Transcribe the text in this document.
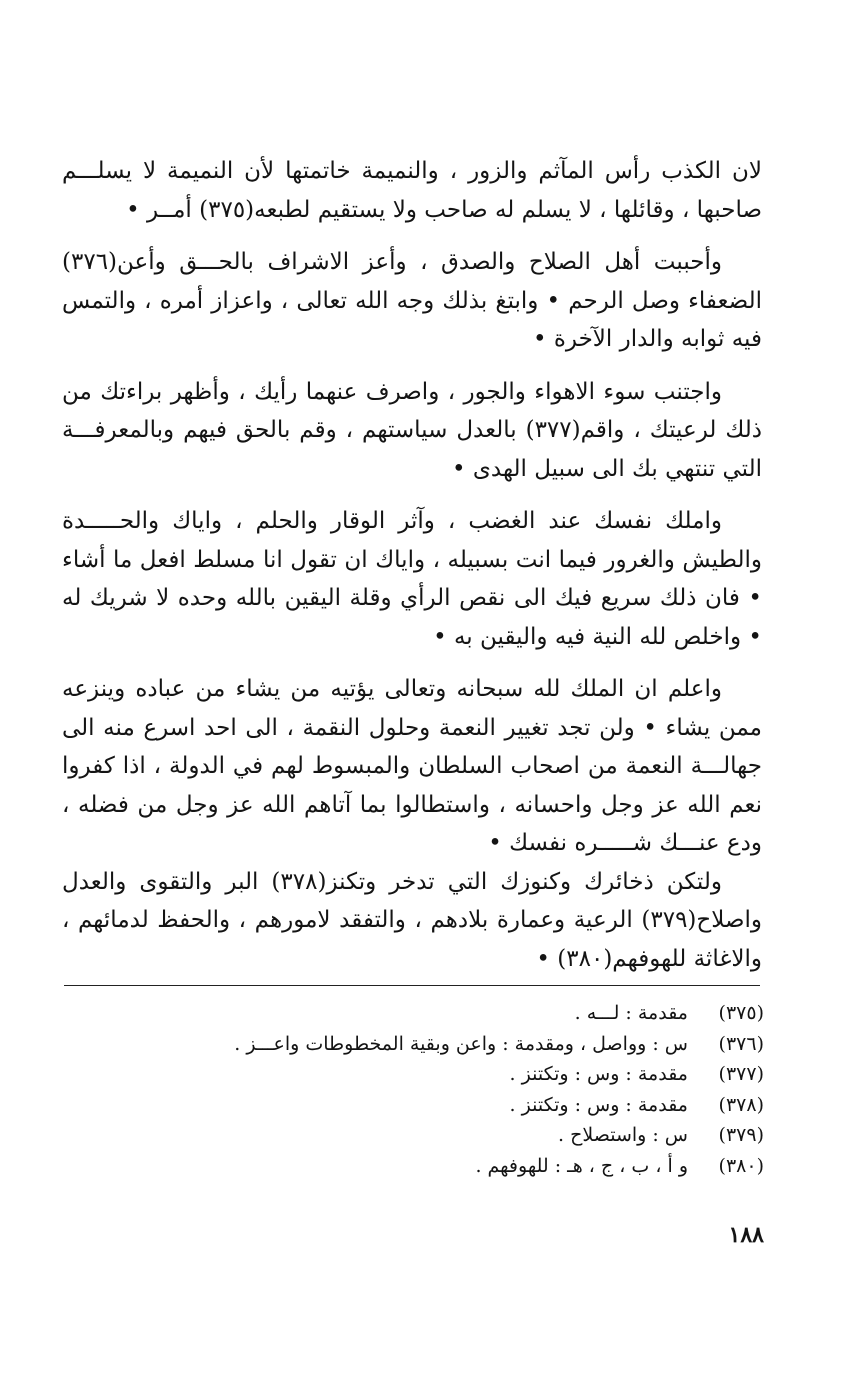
لان الكذب رأس المآثم والزور ، والنميمة خاتمتها لأن النميمة لا يسلـــم صاحبها ، وقائلها ، لا يسلم له صاحب ولا يستقيم لطبعه(٣٧٥) أمــر •

وأحببت أهل الصلاح والصدق ، وأعز الاشراف بالحـــق وأعن(٣٧٦) الضعفاء وصل الرحم • وابتغ بذلك وجه الله تعالى ، واعزاز أمره ، والتمس فيه ثوابه والدار الآخرة •

واجتنب سوء الاهواء والجور ، واصرف عنهما رأيك ، وأظهر براءتك من ذلك لرعيتك ، واقم(٣٧٧) بالعدل سياستهم ، وقم بالحق فيهم وبالمعرفـــة التي تنتهي بك الى سبيل الهدى •

واملك نفسك عند الغضب ، وآثر الوقار والحلم ، واياك والحـــــدة والطيش والغرور فيما انت بسبيله ، واياك ان تقول انا مسلط افعل ما أشاء • فان ذلك سريع فيك الى نقص الرأي وقلة اليقين بالله وحده لا شريك له • واخلص لله النية فيه واليقين به •

واعلم ان الملك لله سبحانه وتعالى يؤتيه من يشاء من عباده وينزعه ممن يشاء • ولن تجد تغيير النعمة وحلول النقمة ، الى احد اسرع منه الى جهالـــة النعمة من اصحاب السلطان والمبسوط لهم في الدولة ، اذا كفروا نعم الله عز وجل واحسانه ، واستطالوا بما آتاهم الله عز وجل من فضله ، ودع عنـــك شـــــره نفسك •

ولتكن ذخائرك وكنوزك التي تدخر وتكنز(٣٧٨) البر والتقوى والعدل واصلاح(٣٧٩) الرعية وعمارة بلادهم ، والتفقد لامورهم ، والحفظ لدمائهم ، والاغاثة للهوفهم(٣٨٠) •

(٣٧٥)
مقدمة : لـــه .
(٣٧٦)
س : وواصل ، ومقدمة : واعن وبقية المخطوطات واعـــز .
(٣٧٧)
مقدمة : وس : وتكتنز .
(٣٧٨)
مقدمة : وس : وتكتنز .
(٣٧٩)
س : واستصلاح .
(٣٨٠)
و أ ، ب ، ج ، هـ : للهوفهم .
١٨٨
